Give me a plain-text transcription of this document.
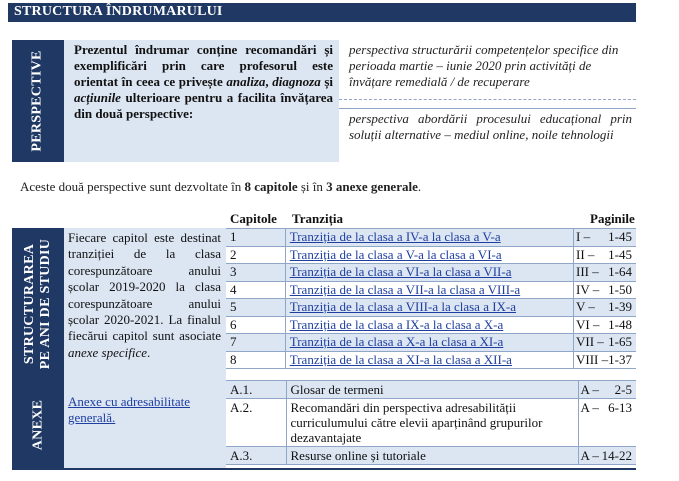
STRUCTURA ÎNDRUMARULUI
PERSPECTIVE
Prezentul îndrumar conține recomandări și exemplificări prin care profesorul este orientat în ceea ce privește analiza, diagnoza și acțiunile ulterioare pentru a facilita învățarea din două perspective:
perspectiva structurării competențelor specifice din perioada martie – iunie 2020 prin activități de învățare remedială / de recuperare
perspectiva abordării procesului educațional prin soluții alternative – mediul online, noile tehnologii
Aceste două perspective sunt dezvoltate în 8 capitole și în 3 anexe generale.
Capitole Tranziția	Paginile
STRUCTURAREA PE ANI DE STUDIU
Fiecare capitol este destinat tranziției de la clasa corespunzătoare anului școlar 2019-2020 la clasa corespunzătoare anului școlar 2020-2021. La finalul fiecărui capitol sunt asociate anexe specifice.
ANEXE	Anexe cu adresabilitate generală.
1	Tranziția de la clasa a IV-a la clasa a V-a	I – 1-45

2	Tranziția de la clasa a V-a la clasa a VI-a	II – 1-45

3	Tranziția de la clasa a VI-a la clasa a VII-a	III – 1-64

4	Tranziția de la clasa a VII-a la clasa a VIII-a	IV – 1-50

5	Tranziția de la clasa a VIII-a la clasa a IX-a	V – 1-39

6	Tranziția de la clasa a IX-a la clasa a X-a	VI – 1-48

7	Tranziția de la clasa a X-a la clasa a XI-a	VII – 1-65

8	Tranziția de la clasa a XI-a la clasa a XII-a	VIII – 1-37
A.1.	Glosar de termeni	A – 2-5

A.2.	Recomandări din perspectiva adresabilității curriculumului către elevii aparținând grupurilor dezavantajate	A – 6-13

A.3.	Resurse online și tutoriale	A – 14-22
